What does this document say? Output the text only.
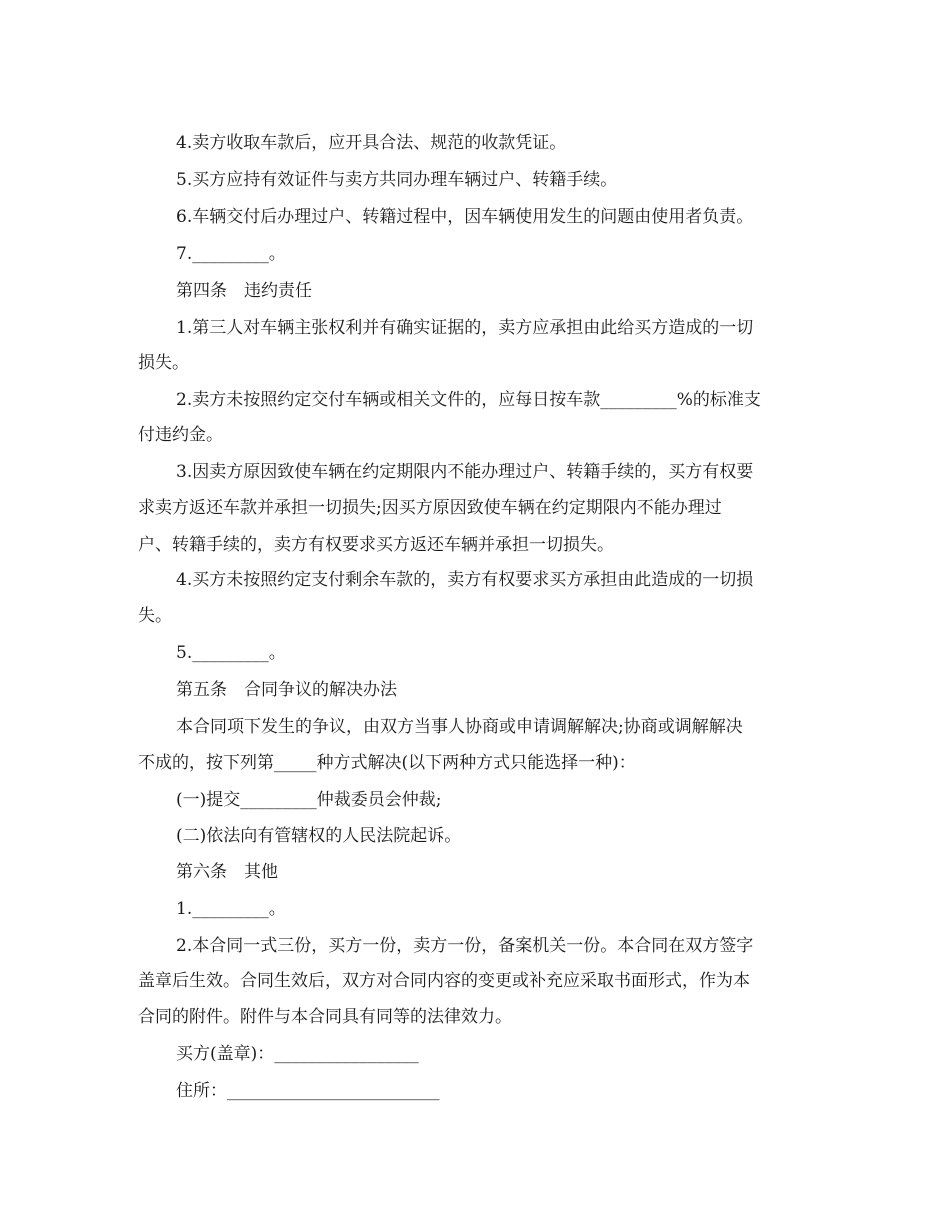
4.卖方收取车款后，应开具合法、规范的收款凭证。
5.买方应持有效证件与卖方共同办理车辆过户、转籍手续。
6.车辆交付后办理过户、转籍过程中，因车辆使用发生的问题由使用者负责。
7._________。
第四条　违约责任
1.第三人对车辆主张权利并有确实证据的，卖方应承担由此给买方造成的一切
损失。
2.卖方未按照约定交付车辆或相关文件的，应每日按车款_________%的标准支
付违约金。
3.因卖方原因致使车辆在约定期限内不能办理过户、转籍手续的，买方有权要
求卖方返还车款并承担一切损失;因买方原因致使车辆在约定期限内不能办理过
户、转籍手续的，卖方有权要求买方返还车辆并承担一切损失。
4.买方未按照约定支付剩余车款的，卖方有权要求买方承担由此造成的一切损
失。
5._________。
第五条　合同争议的解决办法
本合同项下发生的争议，由双方当事人协商或申请调解解决;协商或调解解决
不成的，按下列第_____种方式解决(以下两种方式只能选择一种)：
(一)提交_________仲裁委员会仲裁;
(二)依法向有管辖权的人民法院起诉。
第六条　其他
1._________。
2.本合同一式三份，买方一份，卖方一份，备案机关一份。本合同在双方签字
盖章后生效。合同生效后，双方对合同内容的变更或补充应采取书面形式，作为本
合同的附件。附件与本合同具有同等的法律效力。
买方(盖章)：_________________
住所：_________________________
